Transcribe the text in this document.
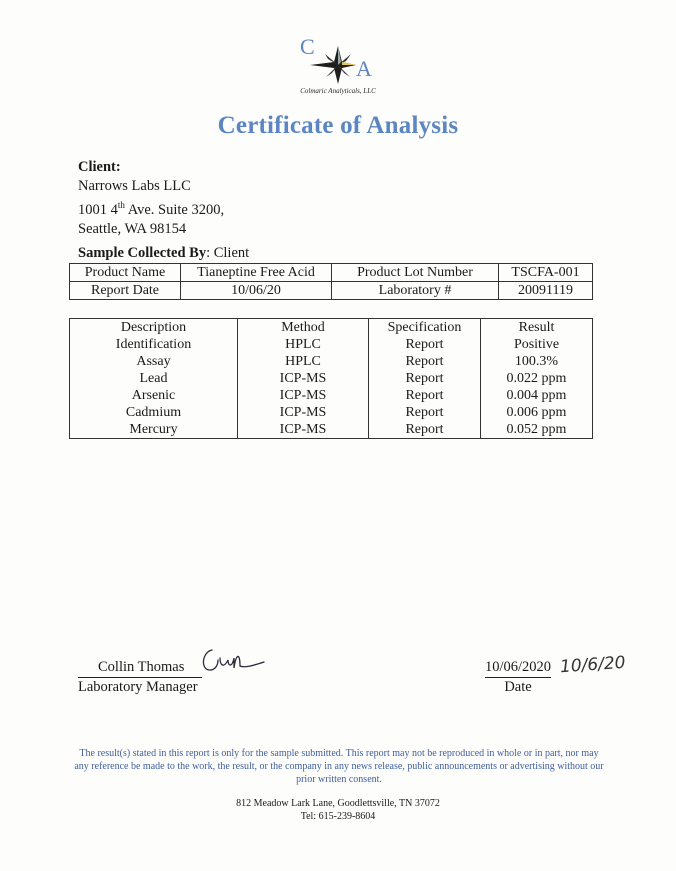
C
A
Colmaric Analyticals, LLC
Certificate of Analysis
Client:
Narrows Labs LLC
1001 4th Ave. Suite 3200,
Seattle, WA 98154
Sample Collected By: Client
Product Name	Tianeptine Free Acid	Product Lot Number	TSCFA-001
Report Date	10/06/20	Laboratory #	20091119
Description	Method	Specification	Result
Identification	HPLC	Report	Positive
Assay	HPLC	Report	100.3%
Lead	ICP-MS	Report	0.022 ppm
Arsenic	ICP-MS	Report	0.004 ppm
Cadmium	ICP-MS	Report	0.006 ppm
Mercury	ICP-MS	Report	0.052 ppm
Collin Thomas
Laboratory Manager
10/06/2020
Date
10/6/20
The result(s) stated in this report is only for the sample submitted. This report may not be reproduced in whole or in part, nor may any reference be made to the work, the result, or the company in any news release, public announcements or advertising without our prior written consent.
812 Meadow Lark Lane, Goodlettsville, TN 37072
Tel: 615-239-8604
